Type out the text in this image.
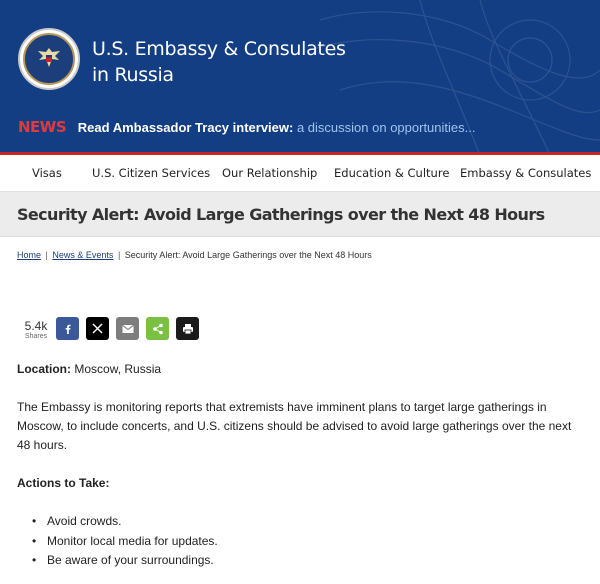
U.S. Embassy & Consulates
in Russia
NEWS Read Ambassador Tracy interview: a discussion on opportunities...
Visas	U.S. Citizen Services Our Relationship Education & Culture Embassy & Consulates
Security Alert: Avoid Large Gatherings over the Next 48 Hours
Home | News & Events | Security Alert: Avoid Large Gatherings over the Next 48 Hours
5.4k
Shares

Location: Moscow, Russia

The Embassy is monitoring reports that extremists have imminent plans to target large gatherings in Moscow, to include concerts, and U.S. citizens should be advised to avoid large gatherings over the next 48 hours.

Actions to Take:

• Avoid crowds.
• Monitor local media for updates.
• Be aware of your surroundings.
